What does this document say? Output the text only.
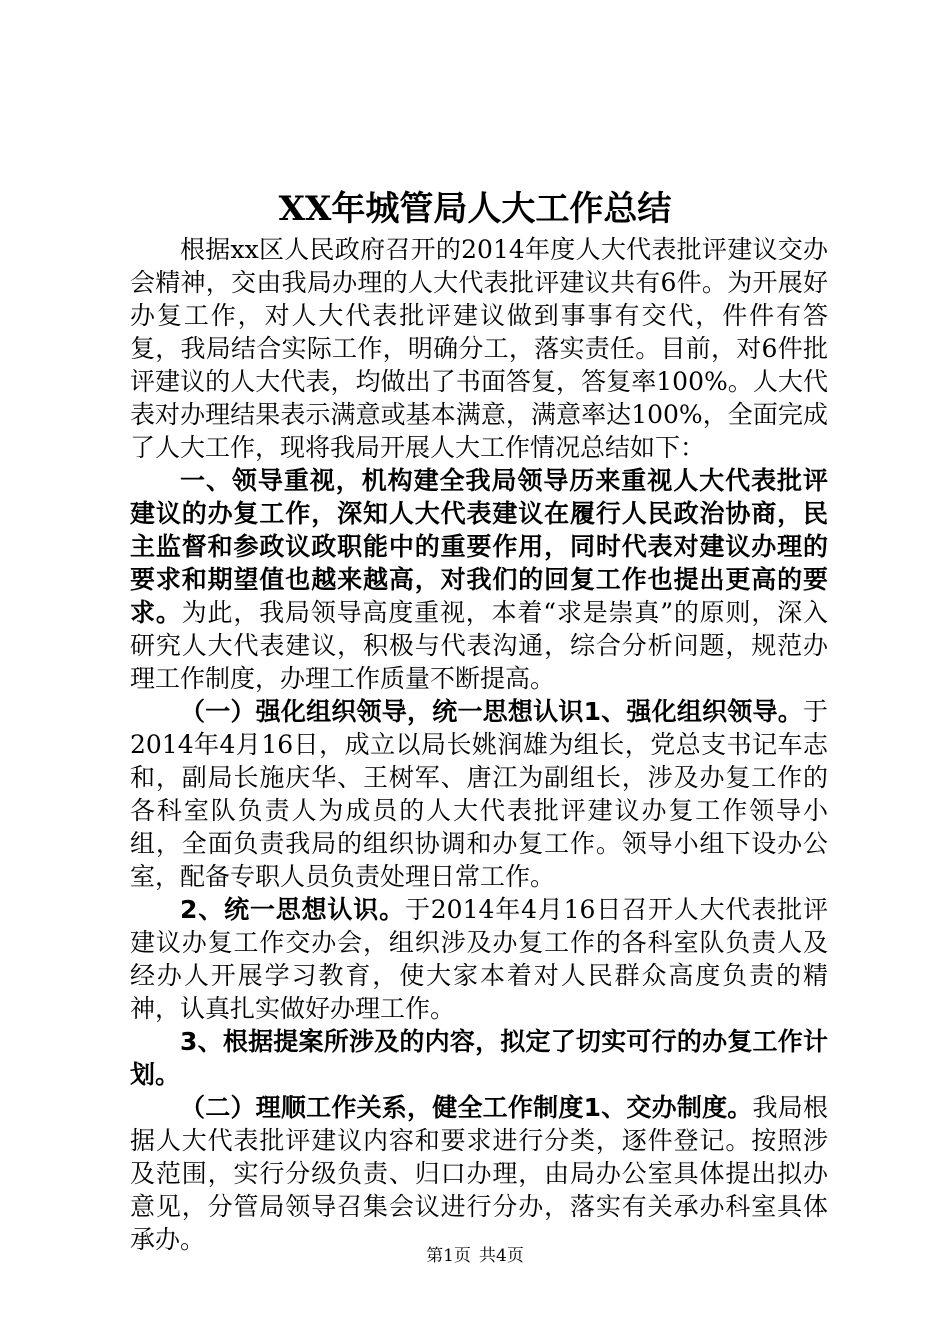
XX年城管局人大工作总结

根据xx区人民政府召开的2014年度人大代表批评建议交办会精神，交由我局办理的人大代表批评建议共有6件。为开展好办复工作，对人大代表批评建议做到事事有交代，件件有答复，我局结合实际工作，明确分工，落实责任。目前，对6件批评建议的人大代表，均做出了书面答复，答复率100%。人大代表对办理结果表示满意或基本满意，满意率达100%，全面完成了人大工作，现将我局开展人大工作情况总结如下：

一、领导重视，机构建全我局领导历来重视人大代表批评建议的办复工作，深知人大代表建议在履行人民政治协商，民主监督和参政议政职能中的重要作用，同时代表对建议办理的要求和期望值也越来越高，对我们的回复工作也提出更高的要求。为此，我局领导高度重视，本着“求是崇真”的原则，深入研究人大代表建议，积极与代表沟通，综合分析问题，规范办理工作制度，办理工作质量不断提高。

（一）强化组织领导，统一思想认识1、强化组织领导。于2014年4月16日，成立以局长姚润雄为组长，党总支书记车志和，副局长施庆华、王树军、唐江为副组长，涉及办复工作的各科室队负责人为成员的人大代表批评建议办复工作领导小组，全面负责我局的组织协调和办复工作。领导小组下设办公室，配备专职人员负责处理日常工作。

2、统一思想认识。于2014年4月16日召开人大代表批评建议办复工作交办会，组织涉及办复工作的各科室队负责人及经办人开展学习教育，使大家本着对人民群众高度负责的精神，认真扎实做好办理工作。

3、根据提案所涉及的内容，拟定了切实可行的办复工作计划。

（二）理顺工作关系，健全工作制度1、交办制度。我局根据人大代表批评建议内容和要求进行分类，逐件登记。按照涉及范围，实行分级负责、归口办理，由局办公室具体提出拟办意见，分管局领导召集会议进行分办，落实有关承办科室具体承办。

第1页 共4页
